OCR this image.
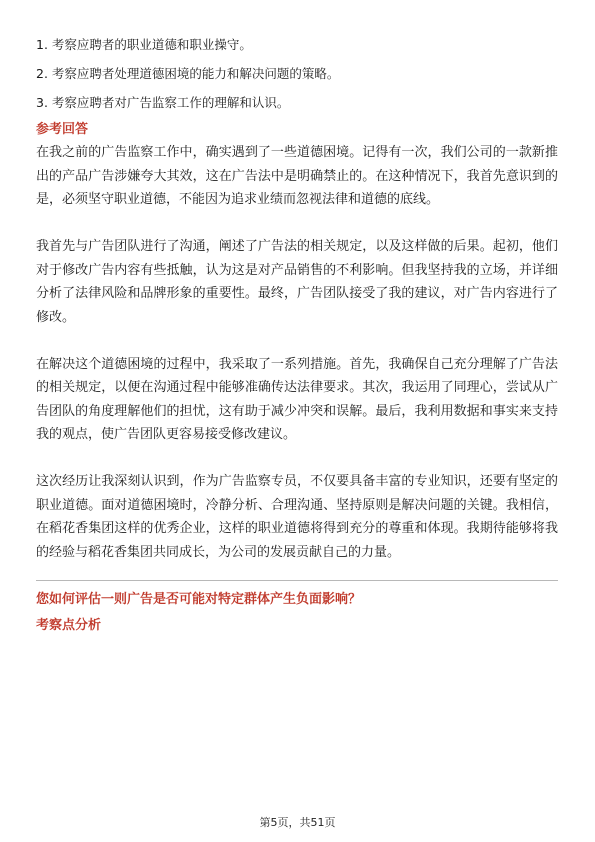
1. 考察应聘者的职业道德和职业操守。
2. 考察应聘者处理道德困境的能力和解决问题的策略。
3. 考察应聘者对广告监察工作的理解和认识。
参考回答

在我之前的广告监察工作中，确实遇到了一些道德困境。记得有一次，我们公司的一款新推出的产品广告涉嫌夸大其效，这在广告法中是明确禁止的。在这种情况下，我首先意识到的是，必须坚守职业道德，不能因为追求业绩而忽视法律和道德的底线。

我首先与广告团队进行了沟通，阐述了广告法的相关规定，以及这样做的后果。起初，他们对于修改广告内容有些抵触，认为这是对产品销售的不利影响。但我坚持我的立场，并详细分析了法律风险和品牌形象的重要性。最终，广告团队接受了我的建议，对广告内容进行了修改。

在解决这个道德困境的过程中，我采取了一系列措施。首先，我确保自己充分理解了广告法的相关规定，以便在沟通过程中能够准确传达法律要求。其次，我运用了同理心，尝试从广告团队的角度理解他们的担忧，这有助于减少冲突和误解。最后，我利用数据和事实来支持我的观点，使广告团队更容易接受修改建议。

这次经历让我深刻认识到，作为广告监察专员，不仅要具备丰富的专业知识，还要有坚定的职业道德。面对道德困境时，冷静分析、合理沟通、坚持原则是解决问题的关键。我相信，在稻花香集团这样的优秀企业，这样的职业道德将得到充分的尊重和体现。我期待能够将我的经验与稻花香集团共同成长，为公司的发展贡献自己的力量。

您如何评估一则广告是否可能对特定群体产生负面影响？
考察点分析
第5页，共51页
